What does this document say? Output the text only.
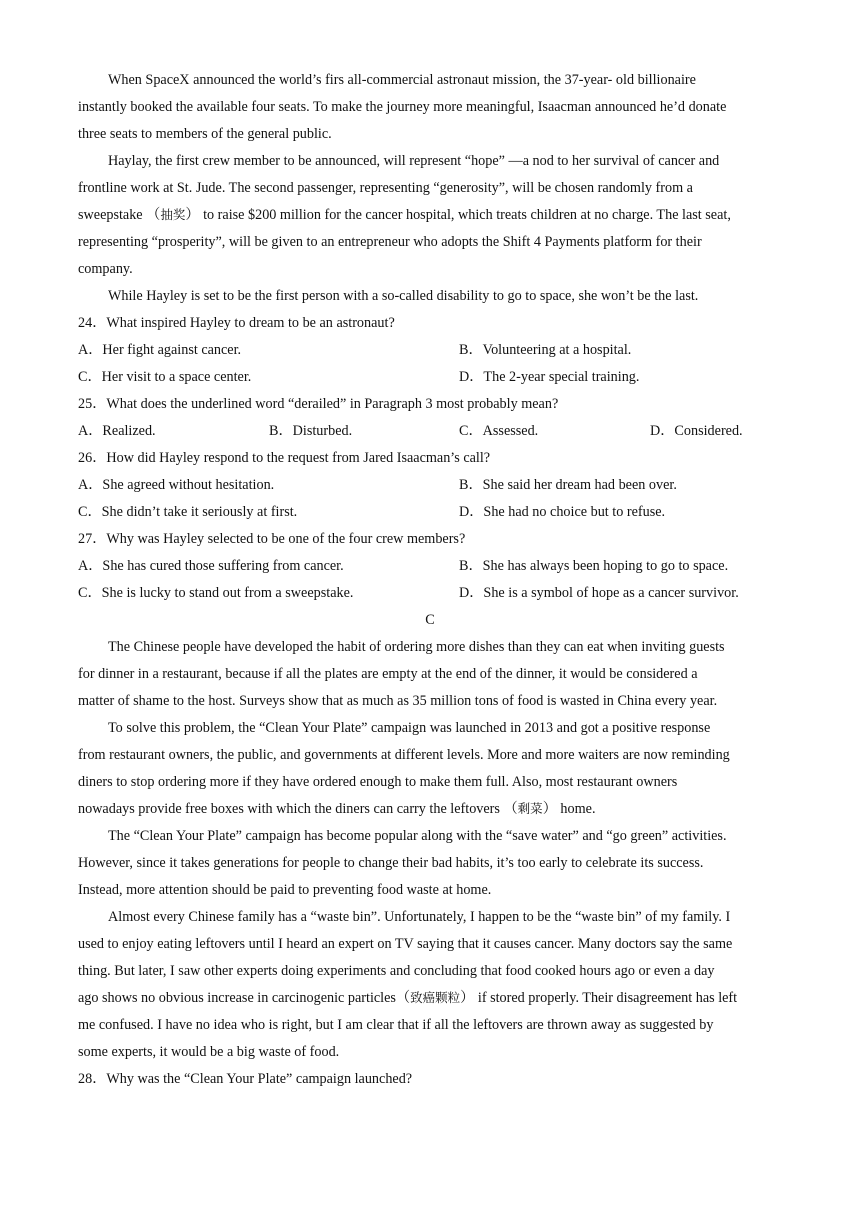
When SpaceX announced the world’s firs all-commercial astronaut mission, the 37-year- old billionaire
instantly booked the available four seats. To make the journey more meaningful, Isaacman announced he’d donate
three seats to members of the general public.
Haylay, the first crew member to be announced, will represent “hope” —a nod to her survival of cancer and
frontline work at St. Jude. The second passenger, representing “generosity”, will be chosen randomly from a
sweepstake （抽奖） to raise $200 million for the cancer hospital, which treats children at no charge. The last seat,
representing “prosperity”, will be given to an entrepreneur who adopts the Shift 4 Payments platform for their
company.
While Hayley is set to be the first person with a so-called disability to go to space, she won’t be the last.
24．What inspired Hayley to dream to be an astronaut?
A．Her fight against cancer.	B．Volunteering at a hospital.
C．Her visit to a space center.	D．The 2-year special training.
25．What does the underlined word “derailed” in Paragraph 3 most probably mean?
A．Realized.	B．Disturbed.	C．Assessed.	D．Considered.
26．How did Hayley respond to the request from Jared Isaacman’s call?
A．She agreed without hesitation.	B．She said her dream had been over.
C．She didn’t take it seriously at first.	D．She had no choice but to refuse.
27．Why was Hayley selected to be one of the four crew members?
A．She has cured those suffering from cancer.	B．She has always been hoping to go to space.
C．She is lucky to stand out from a sweepstake.	D．She is a symbol of hope as a cancer survivor.
C
The Chinese people have developed the habit of ordering more dishes than they can eat when inviting guests
for dinner in a restaurant, because if all the plates are empty at the end of the dinner, it would be considered a
matter of shame to the host. Surveys show that as much as 35 million tons of food is wasted in China every year.
To solve this problem, the “Clean Your Plate” campaign was launched in 2013 and got a positive response
from restaurant owners, the public, and governments at different levels. More and more waiters are now reminding
diners to stop ordering more if they have ordered enough to make them full. Also, most restaurant owners
nowadays provide free boxes with which the diners can carry the leftovers （剩菜） home.
The “Clean Your Plate” campaign has become popular along with the “save water” and “go green” activities.
However, since it takes generations for people to change their bad habits, it’s too early to celebrate its success.
Instead, more attention should be paid to preventing food waste at home.
Almost every Chinese family has a “waste bin”. Unfortunately, I happen to be the “waste bin” of my family. I
used to enjoy eating leftovers until I heard an expert on TV saying that it causes cancer. Many doctors say the same
thing. But later, I saw other experts doing experiments and concluding that food cooked hours ago or even a day
ago shows no obvious increase in carcinogenic particles（致癌颗粒） if stored properly. Their disagreement has left
me confused. I have no idea who is right, but I am clear that if all the leftovers are thrown away as suggested by
some experts, it would be a big waste of food.
28．Why was the “Clean Your Plate” campaign launched?
